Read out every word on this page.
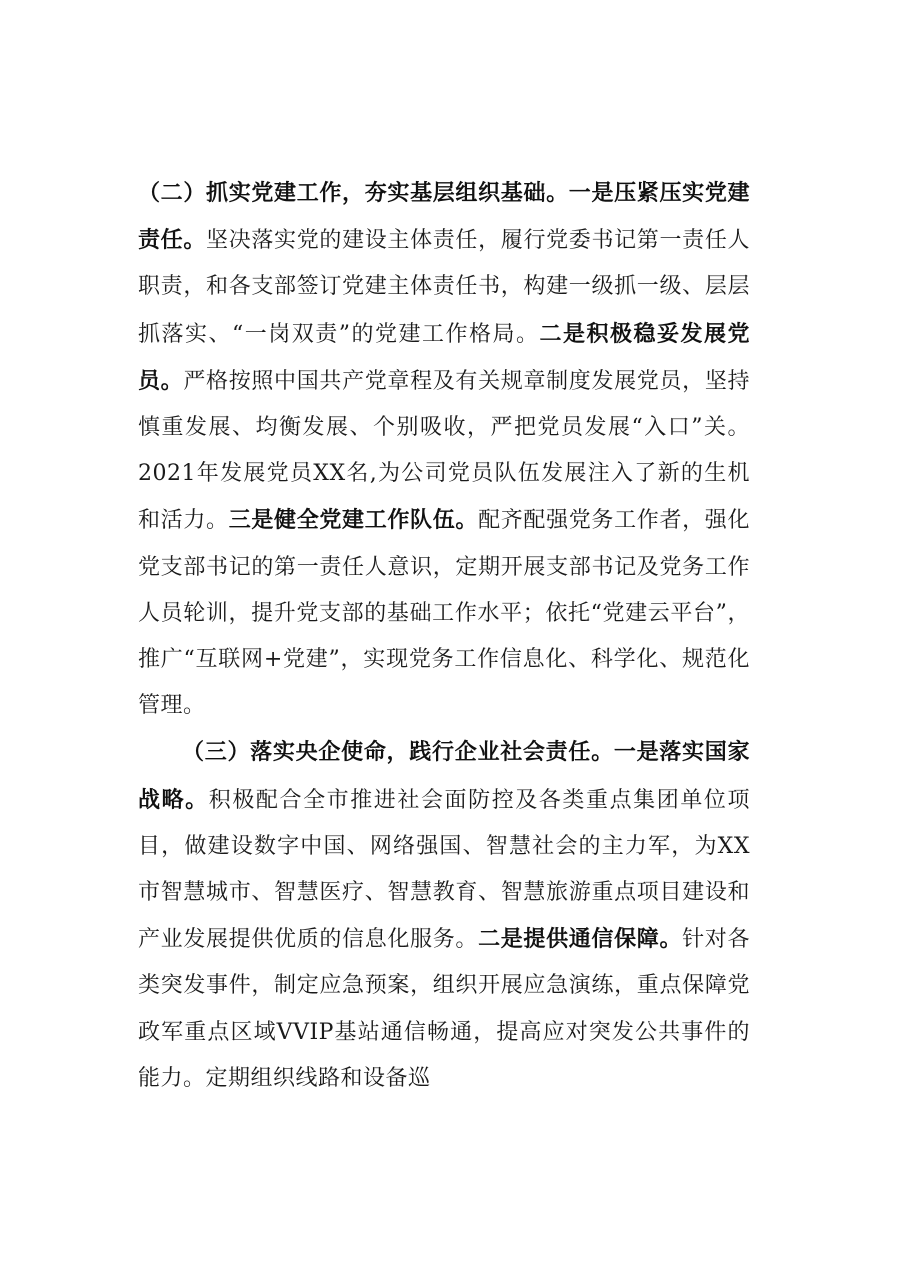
（二）抓实党建工作，夯实基层组织基础。一是压紧压实党建责任。坚决落实党的建设主体责任，履行党委书记第一责任人职责，和各支部签订党建主体责任书，构建一级抓一级、层层抓落实、“一岗双责”的党建工作格局。二是积极稳妥发展党员。严格按照中国共产党章程及有关规章制度发展党员，坚持慎重发展、均衡发展、个别吸收，严把党员发展“入口”关。2021年发展党员XX名,为公司党员队伍发展注入了新的生机和活力。三是健全党建工作队伍。配齐配强党务工作者，强化党支部书记的第一责任人意识，定期开展支部书记及党务工作人员轮训，提升党支部的基础工作水平；依托“党建云平台”，推广“互联网+党建”，实现党务工作信息化、科学化、规范化管理。

（三）落实央企使命，践行企业社会责任。一是落实国家战略。积极配合全市推进社会面防控及各类重点集团单位项目，做建设数字中国、网络强国、智慧社会的主力军，为XX市智慧城市、智慧医疗、智慧教育、智慧旅游重点项目建设和产业发展提供优质的信息化服务。二是提供通信保障。针对各类突发事件，制定应急预案，组织开展应急演练，重点保障党政军重点区域VVIP基站通信畅通，提高应对突发公共事件的能力。定期组织线路和设备巡
